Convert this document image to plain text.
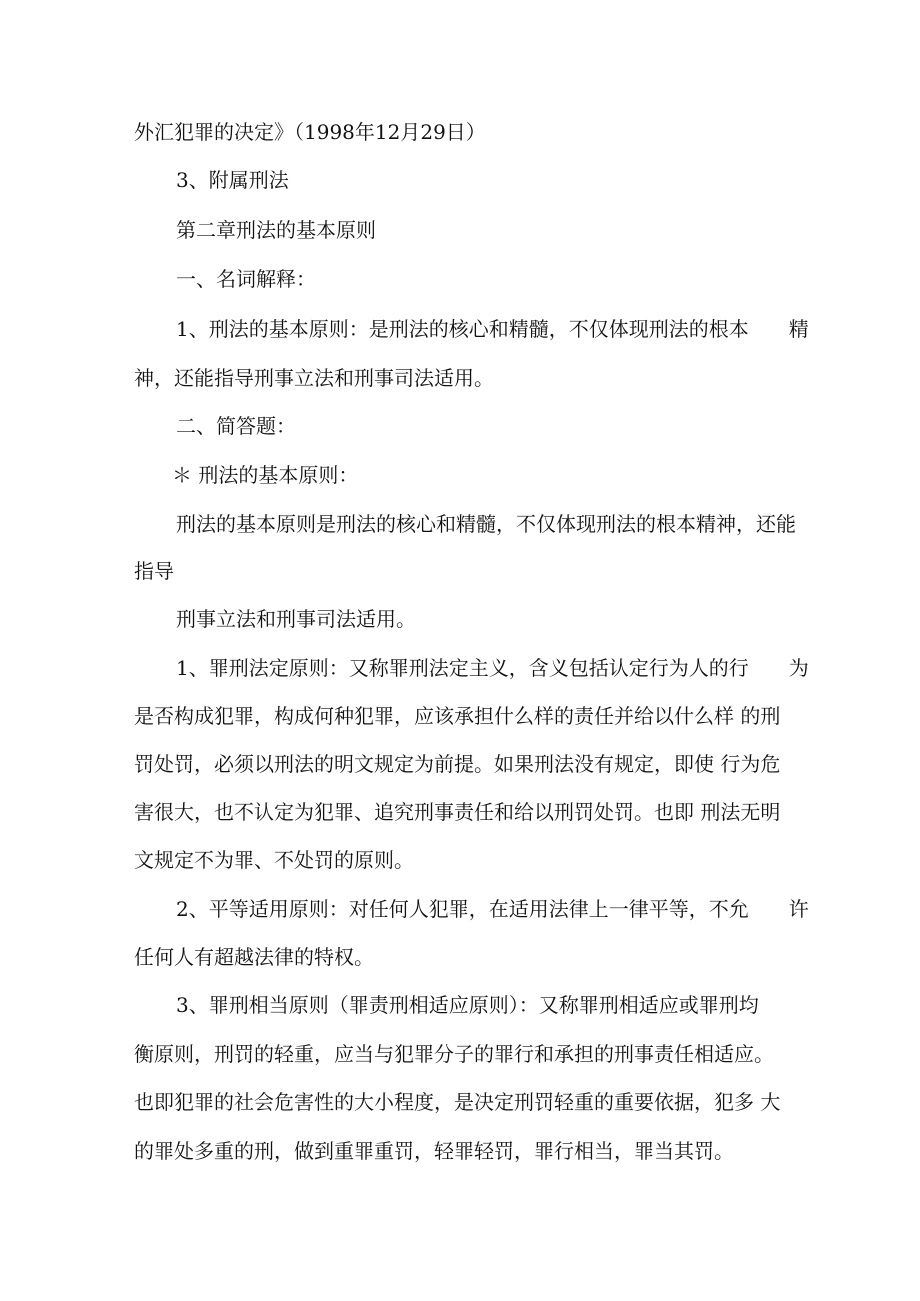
外汇犯罪的决定》（1998年12月29日）
3、附属刑法
第二章刑法的基本原则
一、名词解释：
1、刑法的基本原则：是刑法的核心和精髓，不仅体现刑法的根本　　精
神，还能指导刑事立法和刑事司法适用。
二、简答题：
＊ 刑法的基本原则：
刑法的基本原则是刑法的核心和精髓，不仅体现刑法的根本精神，还能
指导
刑事立法和刑事司法适用。
1、罪刑法定原则：又称罪刑法定主义，含义包括认定行为人的行　　为
是否构成犯罪，构成何种犯罪，应该承担什么样的责任并给以什么样 的刑
罚处罚，必须以刑法的明文规定为前提。如果刑法没有规定，即使 行为危
害很大，也不认定为犯罪、追究刑事责任和给以刑罚处罚。也即 刑法无明
文规定不为罪、不处罚的原则。
2、平等适用原则：对任何人犯罪，在适用法律上一律平等，不允　　许
任何人有超越法律的特权。
3、罪刑相当原则（罪责刑相适应原则）：又称罪刑相适应或罪刑均
衡原则，刑罚的轻重，应当与犯罪分子的罪行和承担的刑事责任相适应。
也即犯罪的社会危害性的大小程度，是决定刑罚轻重的重要依据，犯多 大
的罪处多重的刑，做到重罪重罚，轻罪轻罚，罪行相当，罪当其罚。
